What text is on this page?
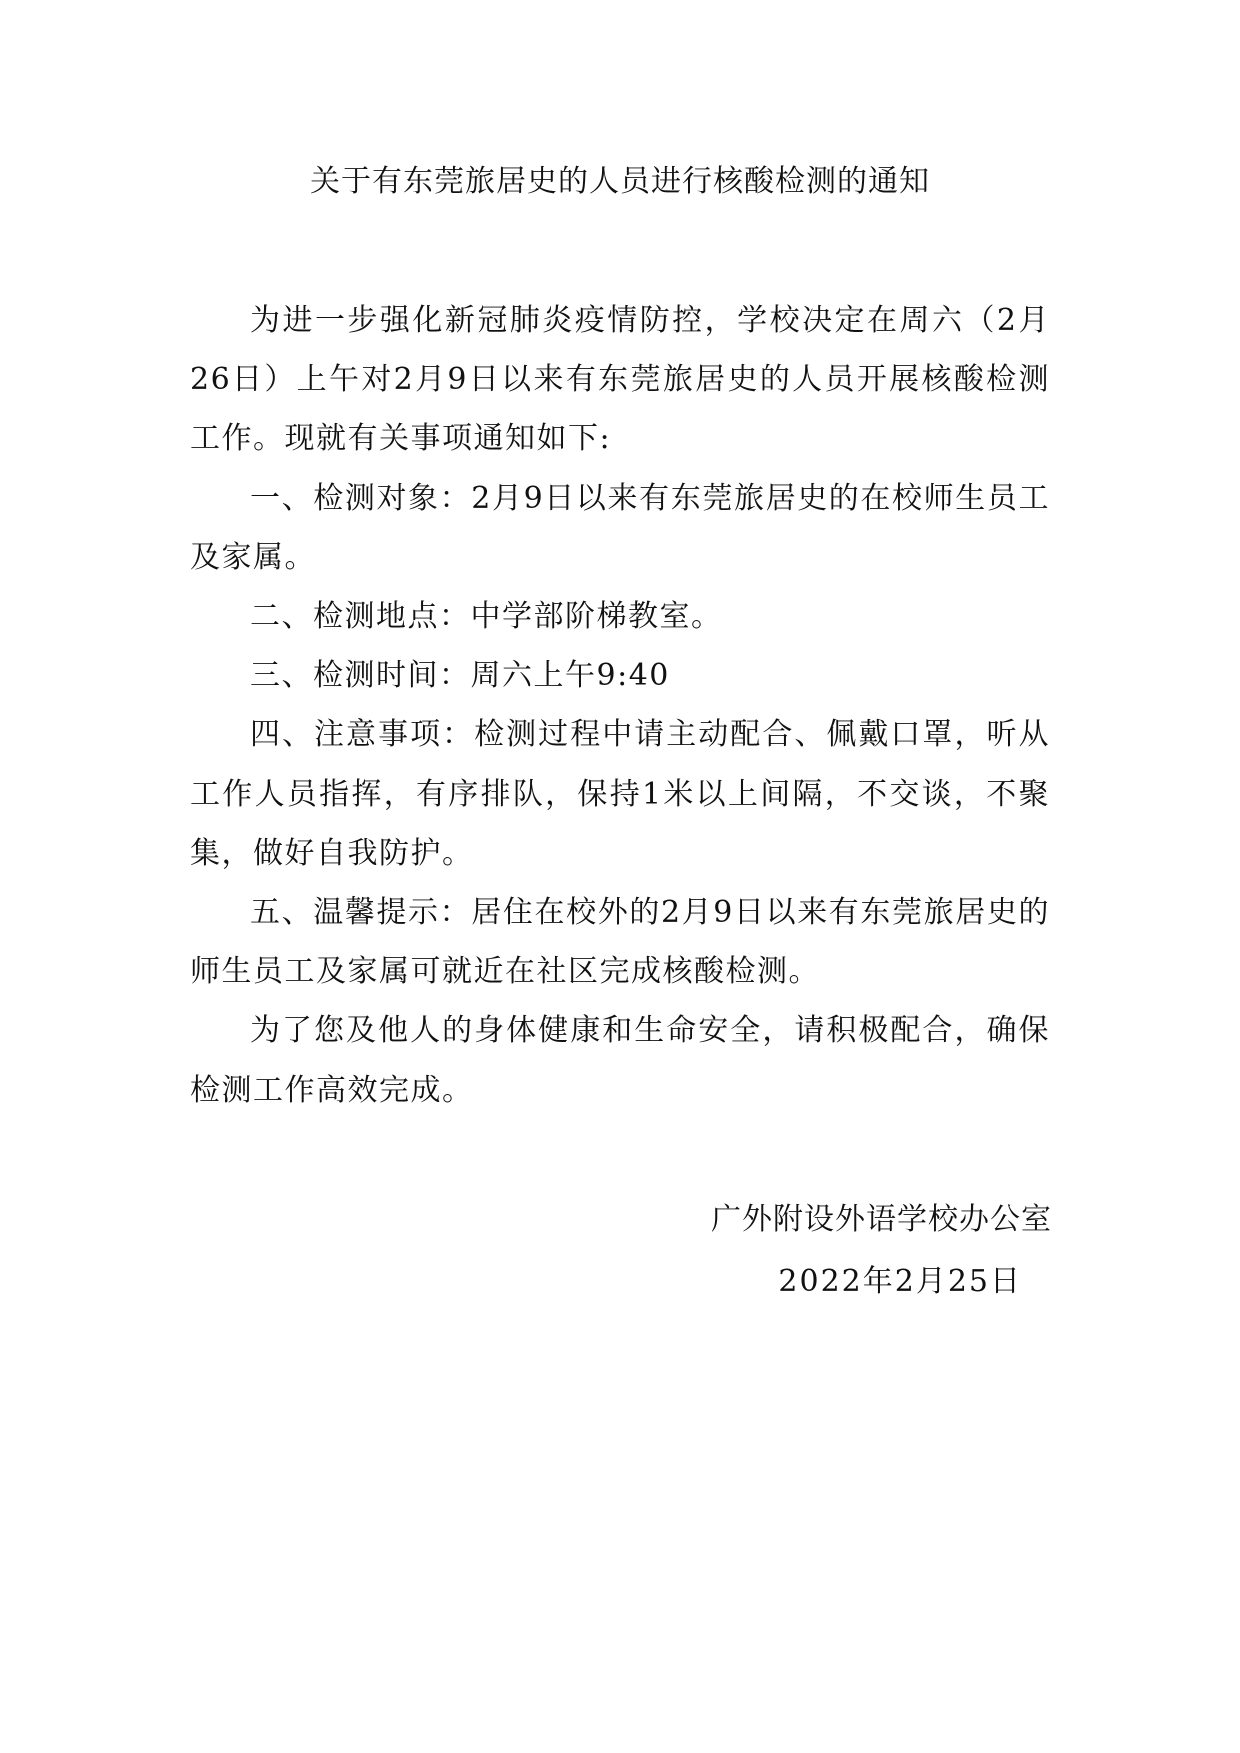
关于有东莞旅居史的人员进行核酸检测的通知

为进一步强化新冠肺炎疫情防控，学校决定在周六（2月26日）上午对2月9日以来有东莞旅居史的人员开展核酸检测工作。现就有关事项通知如下:

一、检测对象：2月9日以来有东莞旅居史的在校师生员工及家属。

二、检测地点：中学部阶梯教室。

三、检测时间：周六上午9:40

四、注意事项：检测过程中请主动配合、佩戴口罩，听从工作人员指挥，有序排队，保持1米以上间隔，不交谈，不聚集，做好自我防护。

五、温馨提示：居住在校外的2月9日以来有东莞旅居史的师生员工及家属可就近在社区完成核酸检测。

为了您及他人的身体健康和生命安全，请积极配合，确保检测工作高效完成。

广外附设外语学校办公室
2022年2月25日
